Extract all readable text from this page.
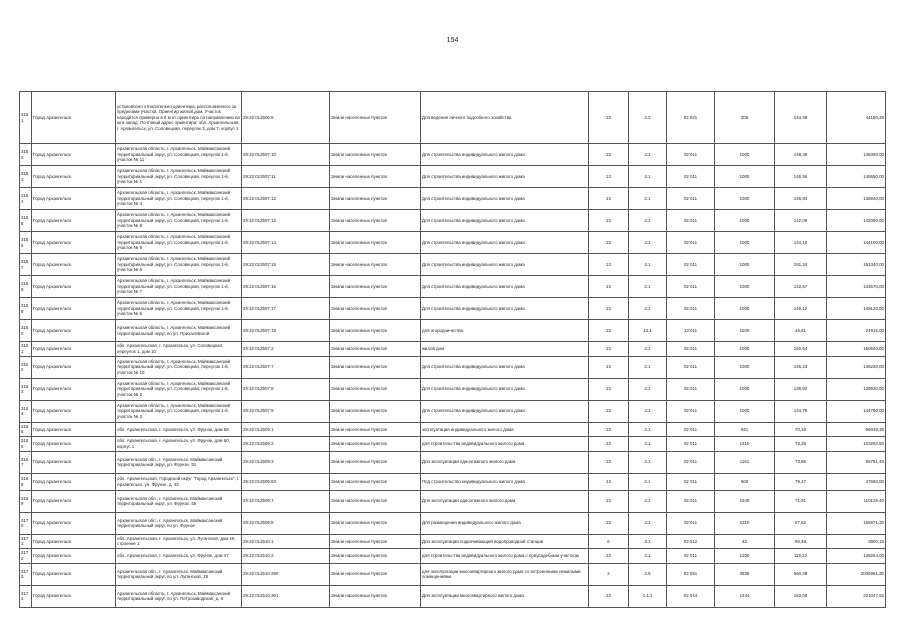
154
3151	Город Архангельск	установлено относительно ориентира, расположенного за пределами участка. Ориентир жилой дом. Участок находится примерно в 6 м от ориентира по направлению на юго-запад. Почтовый адрес ориентира: обл. Архангельская, г. Архангельск, ул. Соловецкая, переулок 3, дом 7, корпус 1	29:22:012506:8	Земли населенных пунктов	Для ведения личного подсобного хозяйства	13	2.2	02 021	306	144,38	44180,28
3152	Город Архангельск	Архангельская область, г. Архангельск, Маймаксанский территориальный округ, ул. Соловецкая, переулок 1-й, участок № 11	29:22:012507:10	Земли населенных пунктов	Для строительства индивидуального жилого дома	13	2.1	02 011	1000	148,35	148350,00
3153	Город Архангельск	Архангельская область, г. Архангельск, Маймаксанский территориальный округ, ул. Соловецкая, переулок 1-й, участок № 1	29:22:012507:11	Земли населенных пунктов	Для строительства индивидуального жилого дома	13	2.1	02 011	1000	146,55	146550,00
3154	Город Архангельск	Архангельская область, г. Архангельск, Маймаксанский территориальный округ, ул. Соловецкая, переулок 1-й, участок № 4	29:22:012507:12	Земли населенных пунктов	Для строительства индивидуального жилого дома	13	2.1	02 011	1000	146,94	146940,00
3155	Город Архангельск	Архангельская область, г. Архангельск, Маймаксанский территориальный округ, ул. Соловецкая, переулок 1-й, участок № 8	29:22:012507:13	Земли населенных пунктов	Для строительства индивидуального жилого дома	13	2.1	02 011	1000	142,09	142090,00
3156	Город Архангельск	Архангельская область, г. Архангельск, Маймаксанский территориальный округ, ул. Соловецкая, переулок 1-й, участок № 9	29:22:012507:14	Земли населенных пунктов	Для строительства индивидуального жилого дома	13	2.1	02 011	1000	144,10	144100,00
3157	Город Архангельск	Архангельская область, г. Архангельск, Маймаксанский территориальный округ, ул. Соловецкая, переулок 1-й, участок № 6	29:22:012507:15	Земли населенных пунктов	Для строительства индивидуального жилого дома	13	2.1	02 011	1000	151,34	151340,00
3158	Город Архангельск	Архангельская область, г. Архангельск, Маймаксанский территориальный округ, ул. Соловецкая, переулок 1-й, участок № 7	29:22:012507:16	Земли населенных пунктов	Для строительства индивидуального жилого дома	13	2.1	02 011	1000	142,67	142670,00
3159	Город Архангельск	Архангельская область, г. Архангельск, Маймаксанский территориальный округ, ул. Соловецкая, переулок 1-й, участок № 5	29:22:012507:17	Земли населенных пунктов	Для строительства индивидуального жилого дома	13	2.1	02 011	1000	149,12	149120,00
3160	Город Архангельск	Архангельская область, г. Архангельск, Маймаксанский территориальный округ, по ул. Прихалевской	29:22:012507:18	Земли населенных пунктов	для огородничества	13	13.1	13 011	1500	16,61	24915,00
3161	Город Архангельск	обл. Архангельская, г. Архангельск, ул. Соловецкая, переулок 1, дом 10	29:22:012507:2	Земли населенных пунктов	жилой дом	13	2.1	02 011	1000	150,64	150640,00
3162	Город Архангельск	Архангельская область, г. Архангельск, Маймаксанский территориальный округ, ул. Соловецкая, переулок 1-й, участок № 10	29:22:012507:7	Земли населенных пунктов	Для строительства индивидуального жилого дома	13	2.1	02 011	1000	146,23	146230,00
3163	Город Архангельск	Архангельская область, г. Архангельск, Маймаксанский территориальный округ, ул. Соловецкая, переулок 1-й, участок № 2	29:22:012507:8	Земли населенных пунктов	Для строительства индивидуального жилого дома	13	2.1	02 011	1000	139,93	139930,00
3164	Город Архангельск	Архангельская область, г. Архангельск, Маймаксанский территориальный округ, ул. Соловецкая, переулок 1-й, участок № 3	29:22:012507:9	Земли населенных пунктов	Для строительства индивидуального жилого дома	13	2.1	02 011	1000	144,79	144790,00
3165	Город Архангельск	обл. Архангельская, г. Архангельск, ул. Фрунзе, дом 58	29:22:012509:1	Земли населенных пунктов	эксплуатация индивидуального жилого дома	13	2.1	02 011	941	70,18	66039,38
3166	Город Архангельск	обл. Архангельская, г. Архангельск, ул. Фрунзе, дом 60, корпус 1	29:22:012509:2	Земли населенных пунктов	для строительства индивидуального жилого дома	13	2.1	02 011	1410	73,25	103282,50
3167	Город Архангельск	Архангельская обл., г. Архангельск, Маймаксанский территориальный округ, ул. Фрунзе, 51	29:22:012509:3	Земли населенных пунктов	Для эксплуатации одноэтажного жилого дома	13	2.1	02 011	1161	73,86	85751,46
3168	Город Архангельск	обл. Архангельская, Городской округ "Город Архангельск", г. Архангельск, ул. Фрунзе, д. 43	29:22:012509:63	Земли населенных пунктов	Под строительство индивидуального жилого дома	13	2.1	02 011	600	79,47	47682,00
3169	Город Архангельск	Архангельская обл., г. Архангельск, Маймаксанский территориальный округ, ул. Фрунзе, 55	29:22:012509:7	Земли населенных пунктов	Для эксплуатации одноэтажного жилого дома	13	2.1	02 011	1540	71,51	110125,40
3170	Город Архангельск	Архангельская обл., г. Архангельск, Маймаксанский территориальный округ, по ул. Фрунзе	29:22:012509:8	Земли населенных пунктов	Для размещения индивидуального жилого дома	13	2.1	02 011	2310	67,52	155971,20
3171	Город Архангельск	обл. Архангельская, г. Архангельск, ул. Луганская, дом 18, строение 1	29:22:012510:1	Земли населенных пунктов	Для эксплуатации подкачивающей водопроводной станции	6	3.1	03 012	42	90,48	3800,16
3172	Город Архангельск	обл. Архангельская, г. Архангельск, ул. Фрунзе, дом 47	29:22:012510:2	Земли населенных пунктов	для строительства индивидуального жилого дома с приусадебным участком	13	2.1	02 011	1200	115,22	138264,00
3173	Город Архангельск	Архангельская обл., г. Архангельск, Маймаксанский территориальный округ, по ул. Луганской, 18	29:22:012510:290	Земли населенных пунктов	для эксплуатации многоквартирного жилого дома со встроенными нежилыми помещениями	2	2.5	02 051	3635	560,38	2036981,30
3174	Город Архангельск	Архангельская область, г. Архангельск, Маймаксанский территориальный округ, по ул. Петрозаводская, д. 6	29:22:012510:301	Земли населенных пунктов	Для эксплуатации многоквартирного жилого дома	13	2.1.1	02 014	1444	153,08	221047,52
